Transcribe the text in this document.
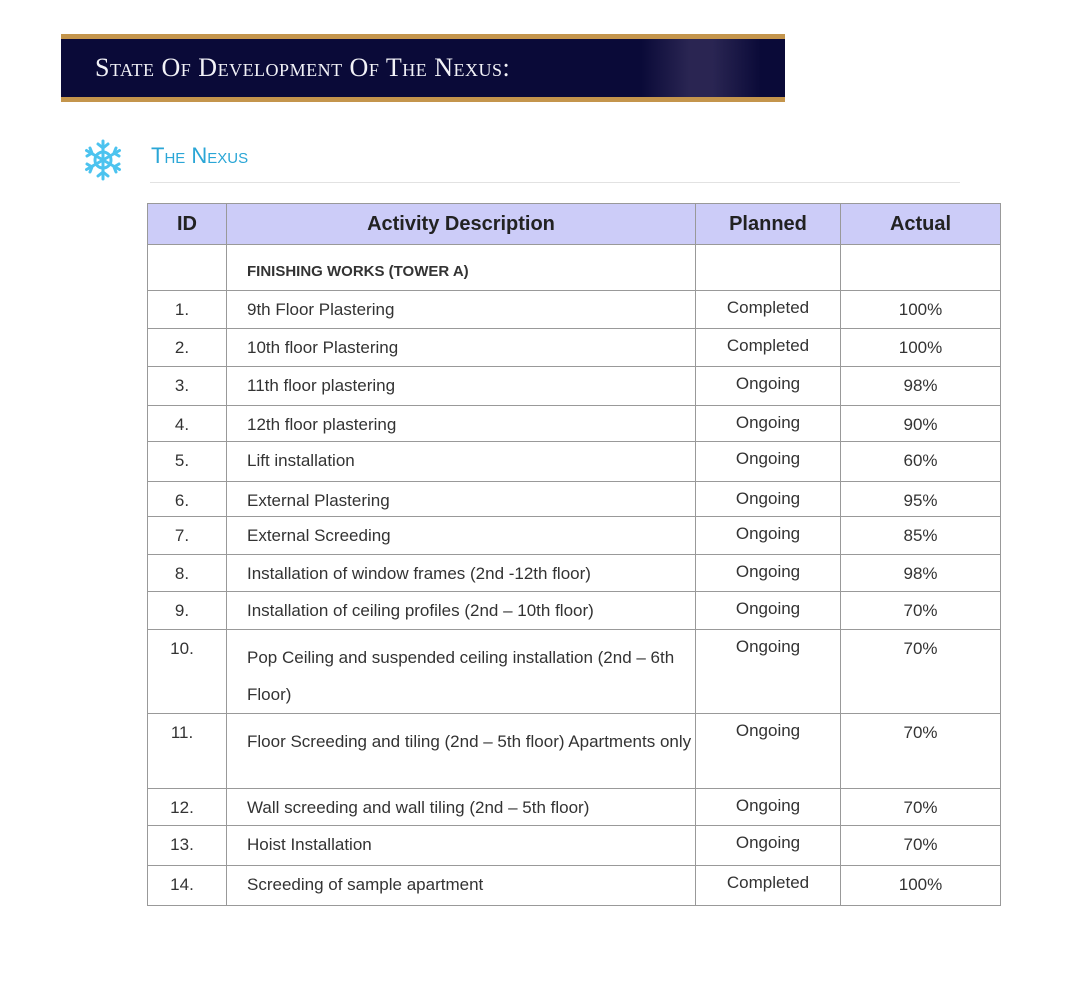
State Of Development Of The Nexus:
The Nexus
ID	Activity Description	Planned	Actual
	FINISHING WORKS (TOWER A)		
1.	9th Floor Plastering	Completed	100%
2.	10th floor Plastering	Completed	100%
3.	11th floor plastering	Ongoing	98%
4.	12th floor plastering	Ongoing	90%
5.	Lift installation	Ongoing	60%
6.	External Plastering	Ongoing	95%
7.	External Screeding	Ongoing	85%
8.	Installation of window frames (2nd -12th floor)	Ongoing	98%
9.	Installation of ceiling profiles (2nd – 10th floor)	Ongoing	70%
10.	Pop Ceiling and suspended ceiling installation (2nd – 6th Floor)	Ongoing	70%
11.	Floor Screeding and tiling (2nd – 5th floor) Apartments only	Ongoing	70%
12.	Wall screeding and wall tiling (2nd – 5th floor)	Ongoing	70%
13.	Hoist Installation	Ongoing	70%
14.	Screeding of sample apartment	Completed	100%
